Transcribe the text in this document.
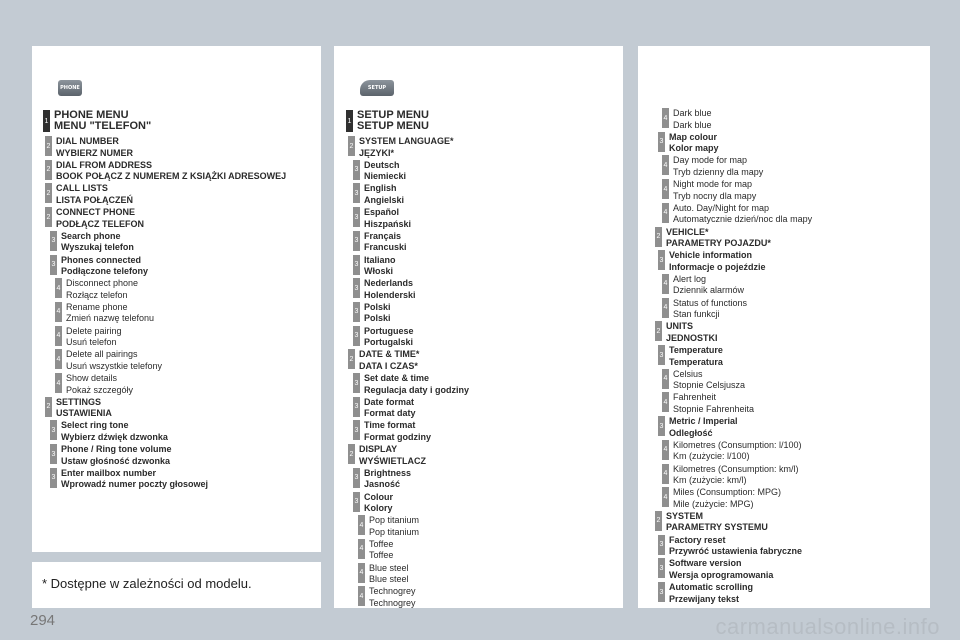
PHONE	SETUP
1 PHONE MENU
MENU "TELEFON"
2 DIAL NUMBER
WYBIERZ NUMER
2 DIAL FROM ADDRESS
BOOK POŁĄCZ Z NUMEREM Z KSIĄŻKI ADRESOWEJ
2 CALL LISTS
LISTA POŁĄCZEŃ
2 CONNECT PHONE
PODŁĄCZ TELEFON
3 Search phone
Wyszukaj telefon
3 Phones connected
Podłączone telefony
4 Disconnect phone
Rozłącz telefon
4 Rename phone
Zmień nazwę telefonu
4 Delete pairing
Usuń telefon
4 Delete all pairings
Usuń wszystkie telefony
4 Show details
Pokaż szczegóły
2 SETTINGS
USTAWIENIA
3 Select ring tone
Wybierz dźwięk dzwonka
3 Phone / Ring tone volume
Ustaw głośność dzwonka
3 Enter mailbox number
Wprowadź numer poczty głosowej
1 SETUP MENU
SETUP MENU
2 SYSTEM LANGUAGE*
JĘZYKI*
3 Deutsch
Niemiecki
3 English
Angielski
3 Español
Hiszpański
3 Français
Francuski
3 Italiano
Włoski
3 Nederlands
Holenderski
3 Polski
Polski
3 Portuguese
Portugalski
2 DATE & TIME*
DATA I CZAS*
3 Set date & time
Regulacja daty i godziny
3 Date format
Format daty
3 Time format
Format godziny
2 DISPLAY
WYŚWIETLACZ
3 Brightness
Jasność
3 Colour
Kolory
4 Pop titanium
Pop titanium
4 Toffee
Toffee
4 Blue steel
Blue steel
4 Technogrey
Technogrey
4 Dark blue
Dark blue
3 Map colour
Kolor mapy
4 Day mode for map
Tryb dzienny dla mapy
4 Night mode for map
Tryb nocny dla mapy
4 Auto. Day/Night for map
Automatycznie dzień/noc dla mapy
2 VEHICLE*
PARAMETRY POJAZDU*
3 Vehicle information
Informacje o pojeździe
4 Alert log
Dziennik alarmów
4 Status of functions
Stan funkcji
2 UNITS
JEDNOSTKI
3 Temperature
Temperatura
4 Celsius
Stopnie Celsjusza
4 Fahrenheit
Stopnie Fahrenheita
3 Metric / Imperial
Odległość
4 Kilometres (Consumption: l/100)
Km (zużycie: l/100)
4 Kilometres (Consumption: km/l)
Km (zużycie: km/l)
4 Miles (Consumption: MPG)
Mile (zużycie: MPG)
2 SYSTEM
PARAMETRY SYSTEMU
3 Factory reset
Przywróć ustawienia fabryczne
3 Software version
Wersja oprogramowania
3 Automatic scrolling
Przewijany tekst
* Dostępne w zależności od modelu.
294	carmanualsonline.info
